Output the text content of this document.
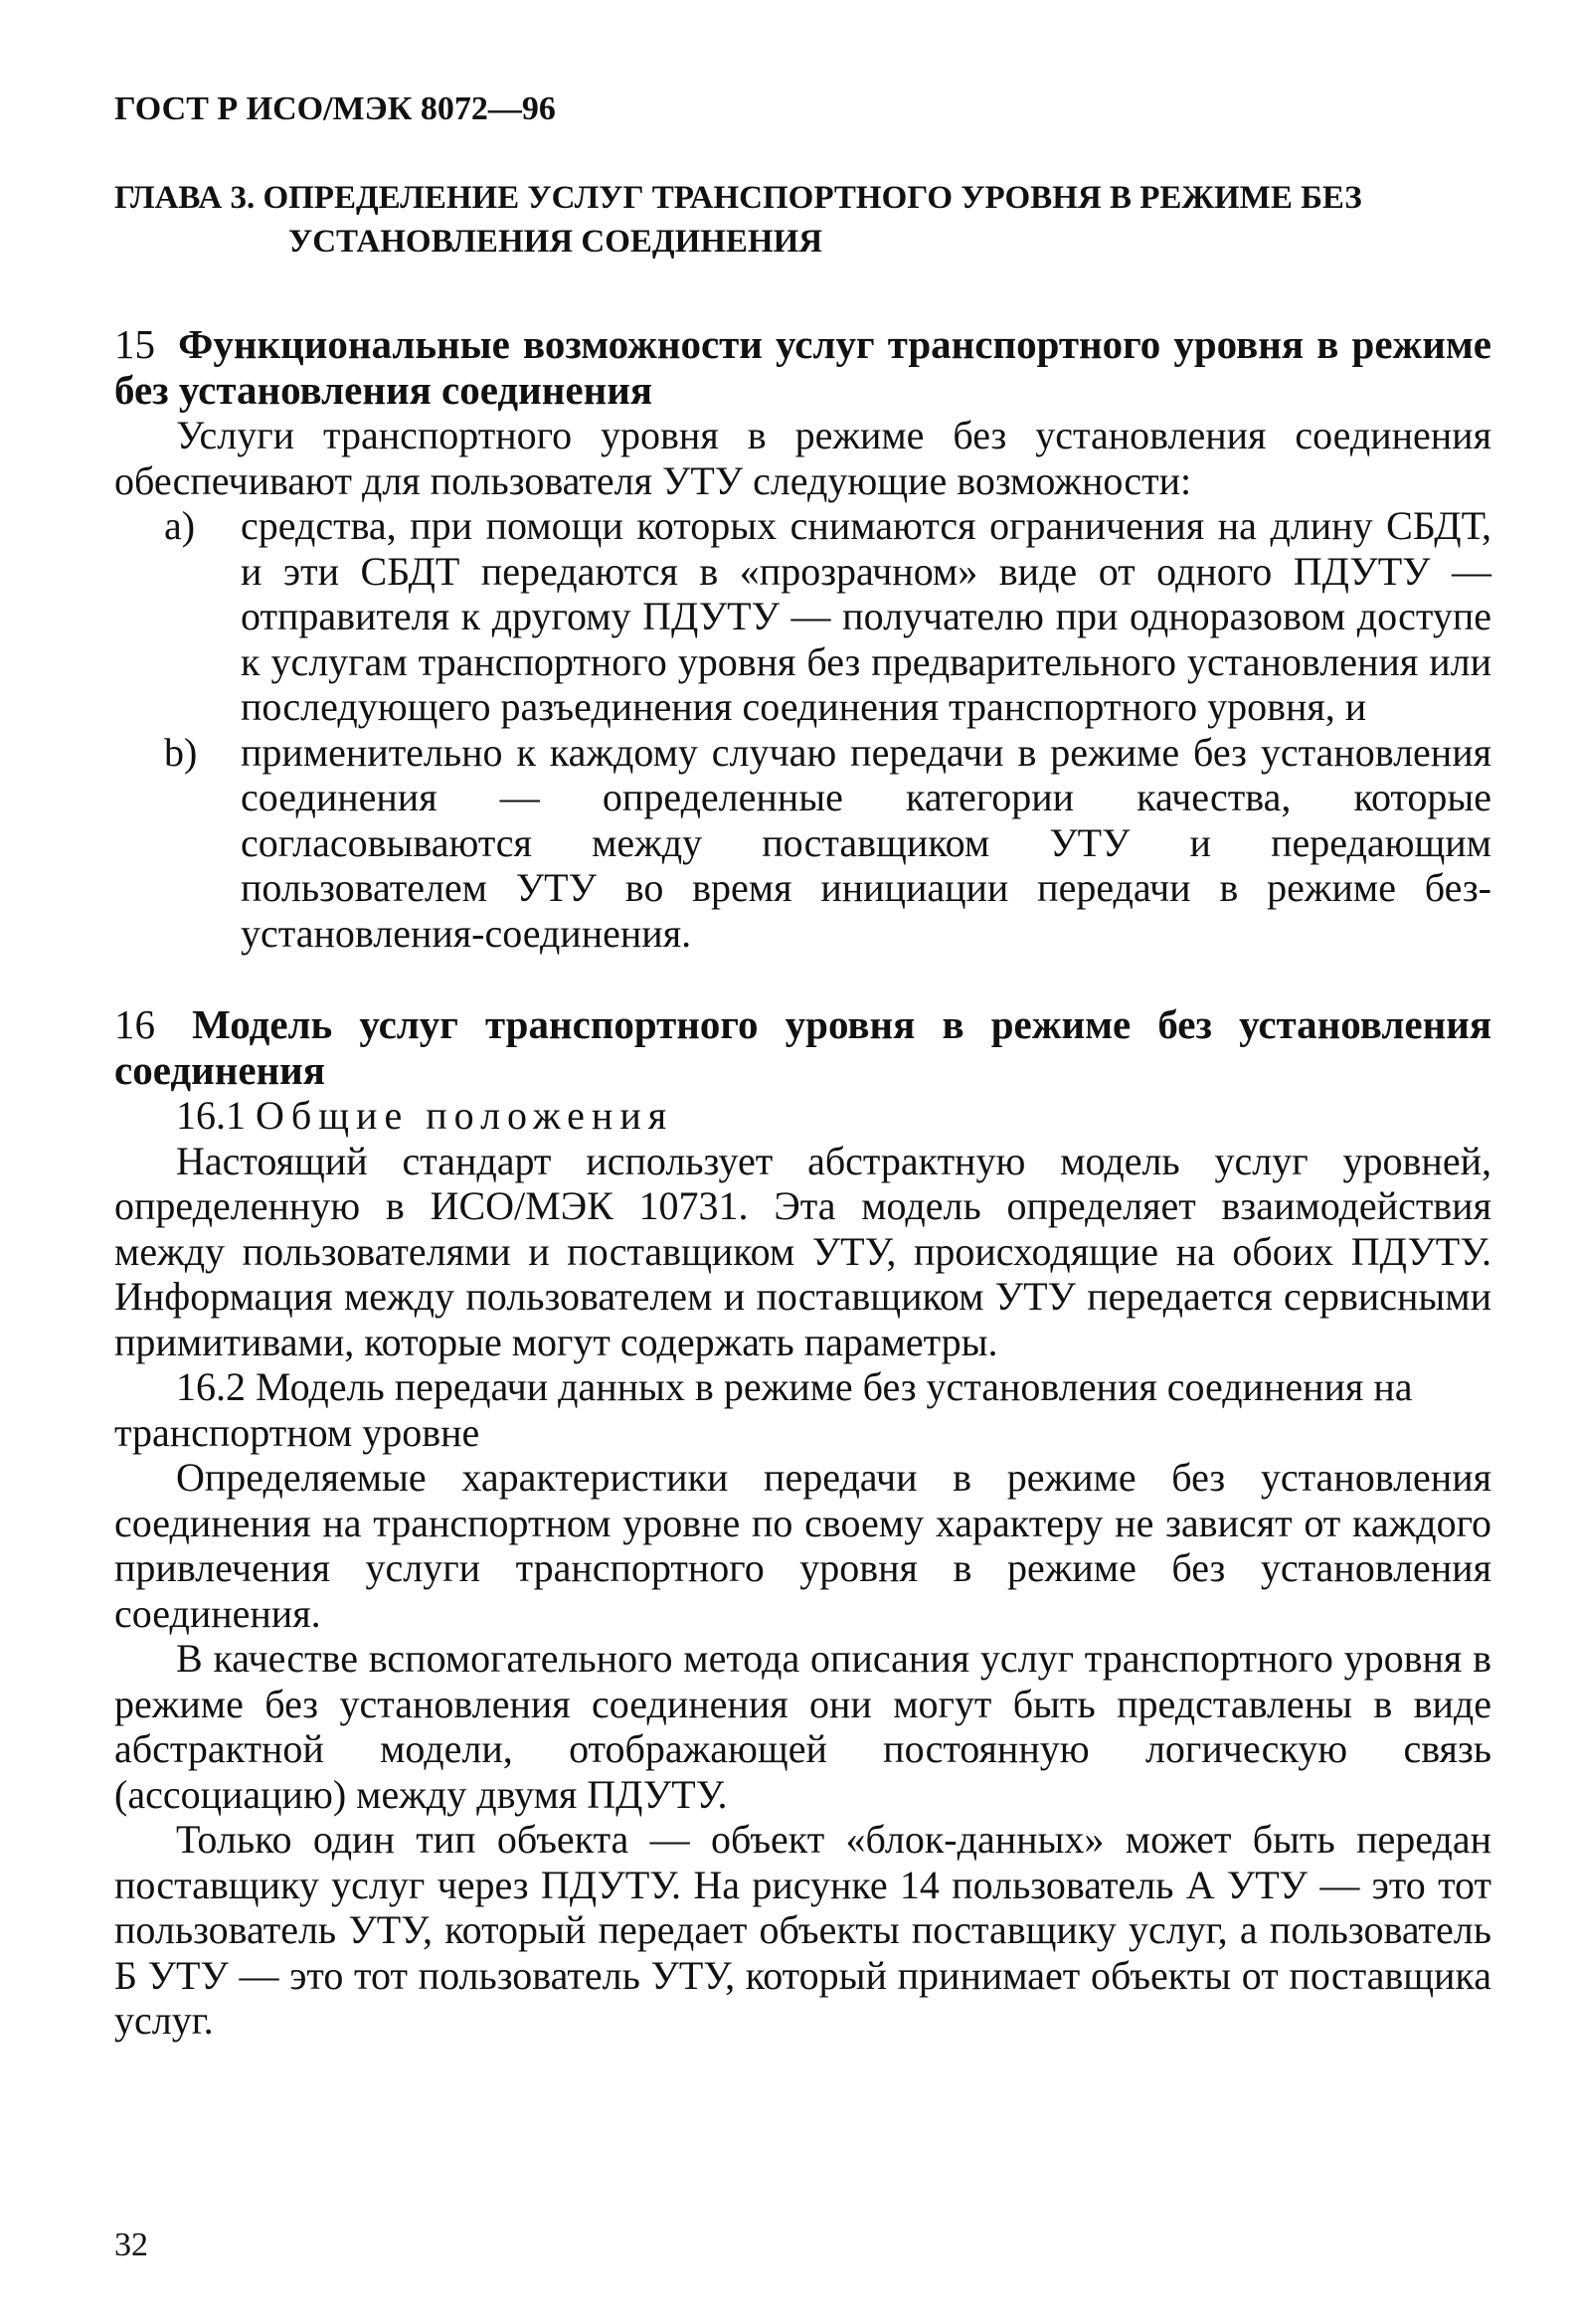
ГОСТ Р ИСО/МЭК 8072—96
ГЛАВА 3. ОПРЕДЕЛЕНИЕ УСЛУГ ТРАНСПОРТНОГО УРОВНЯ В РЕЖИМЕ БЕЗ УСТАНОВЛЕНИЯ СОЕДИНЕНИЯ
15 Функциональные возможности услуг транспортного уровня в режиме без установления соединения

Услуги транспортного уровня в режиме без установления соединения обеспечивают для пользователя УТУ следующие возможности:

a) средства, при помощи которых снимаются ограничения на длину СБДТ, и эти СБДТ передаются в «прозрачном» виде от одного ПДУТУ — отправителя к другому ПДУТУ — получателю при одноразовом доступе к услугам транспортного уровня без предварительного установления или последующего разъединения соединения транспортного уровня, и
b) применительно к каждому случаю передачи в режиме без установления соединения — определенные категории качества, которые согласовываются между поставщиком УТУ и передающим пользователем УТУ во время инициации передачи в режиме без-установления-соединения.
16 Модель услуг транспортного уровня в режиме без установления соединения
16.1 Общие положения

Настоящий стандарт использует абстрактную модель услуг уровней, определенную в ИСО/МЭК 10731. Эта модель определяет взаимодействия между пользователями и поставщиком УТУ, происходящие на обоих ПДУТУ. Информация между пользователем и поставщиком УТУ передается сервисными примитивами, которые могут содержать параметры.

16.2 Модель передачи данных в режиме без установления соединения на транспортном уровне

Определяемые характеристики передачи в режиме без установления соединения на транспортном уровне по своему характеру не зависят от каждого привлечения услуги транспортного уровня в режиме без установления соединения.

В качестве вспомогательного метода описания услуг транспортного уровня в режиме без установления соединения они могут быть представлены в виде абстрактной модели, отображающей постоянную логическую связь (ассоциацию) между двумя ПДУТУ.

Только один тип объекта — объект «блок-данных» может быть передан поставщику услуг через ПДУТУ. На рисунке 14 пользователь А УТУ — это тот пользователь УТУ, который передает объекты поставщику услуг, а пользователь Б УТУ — это тот пользователь УТУ, который принимает объекты от поставщика услуг.

32
